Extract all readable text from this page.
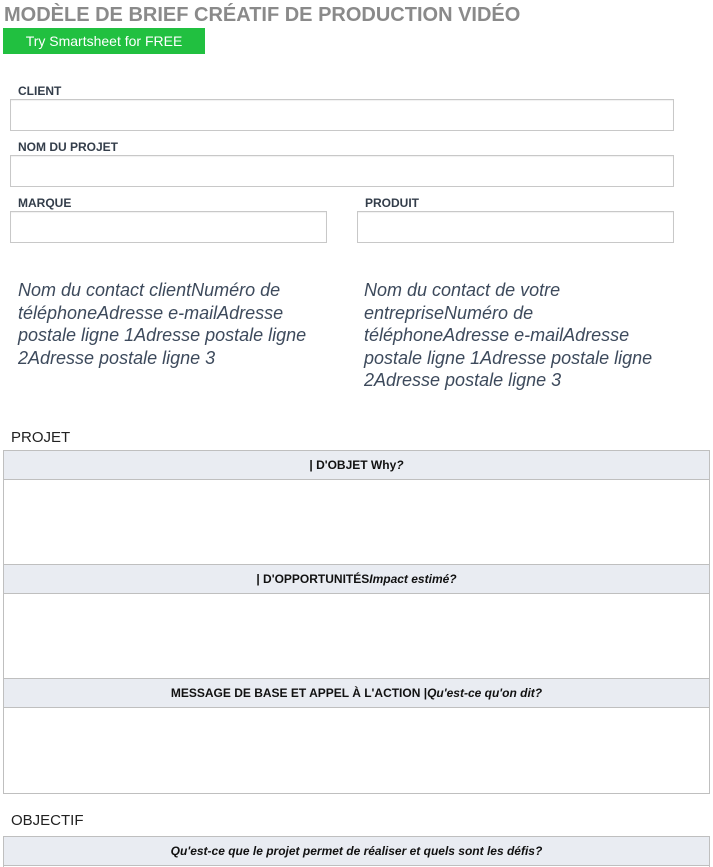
MODÈLE DE BRIEF CRÉATIF DE PRODUCTION VIDÉO
Try Smartsheet for FREE
CLIENT
NOM DU PROJET
MARQUE	PRODUIT
Nom du contact clientNuméro de téléphoneAdresse e-mailAdresse postale ligne 1Adresse postale ligne 2Adresse postale ligne 3
Nom du contact de votre entrepriseNuméro de téléphoneAdresse e-mailAdresse postale ligne 1Adresse postale ligne 2Adresse postale ligne 3
PROJET
| D'OBJET Why ?
| D'OPPORTUNITÉS Impact estimé?
MESSAGE DE BASE ET APPEL À L'ACTION | Qu'est-ce qu'on dit?
OBJECTIF
Qu'est-ce que le projet permet de réaliser et quels sont les défis?
